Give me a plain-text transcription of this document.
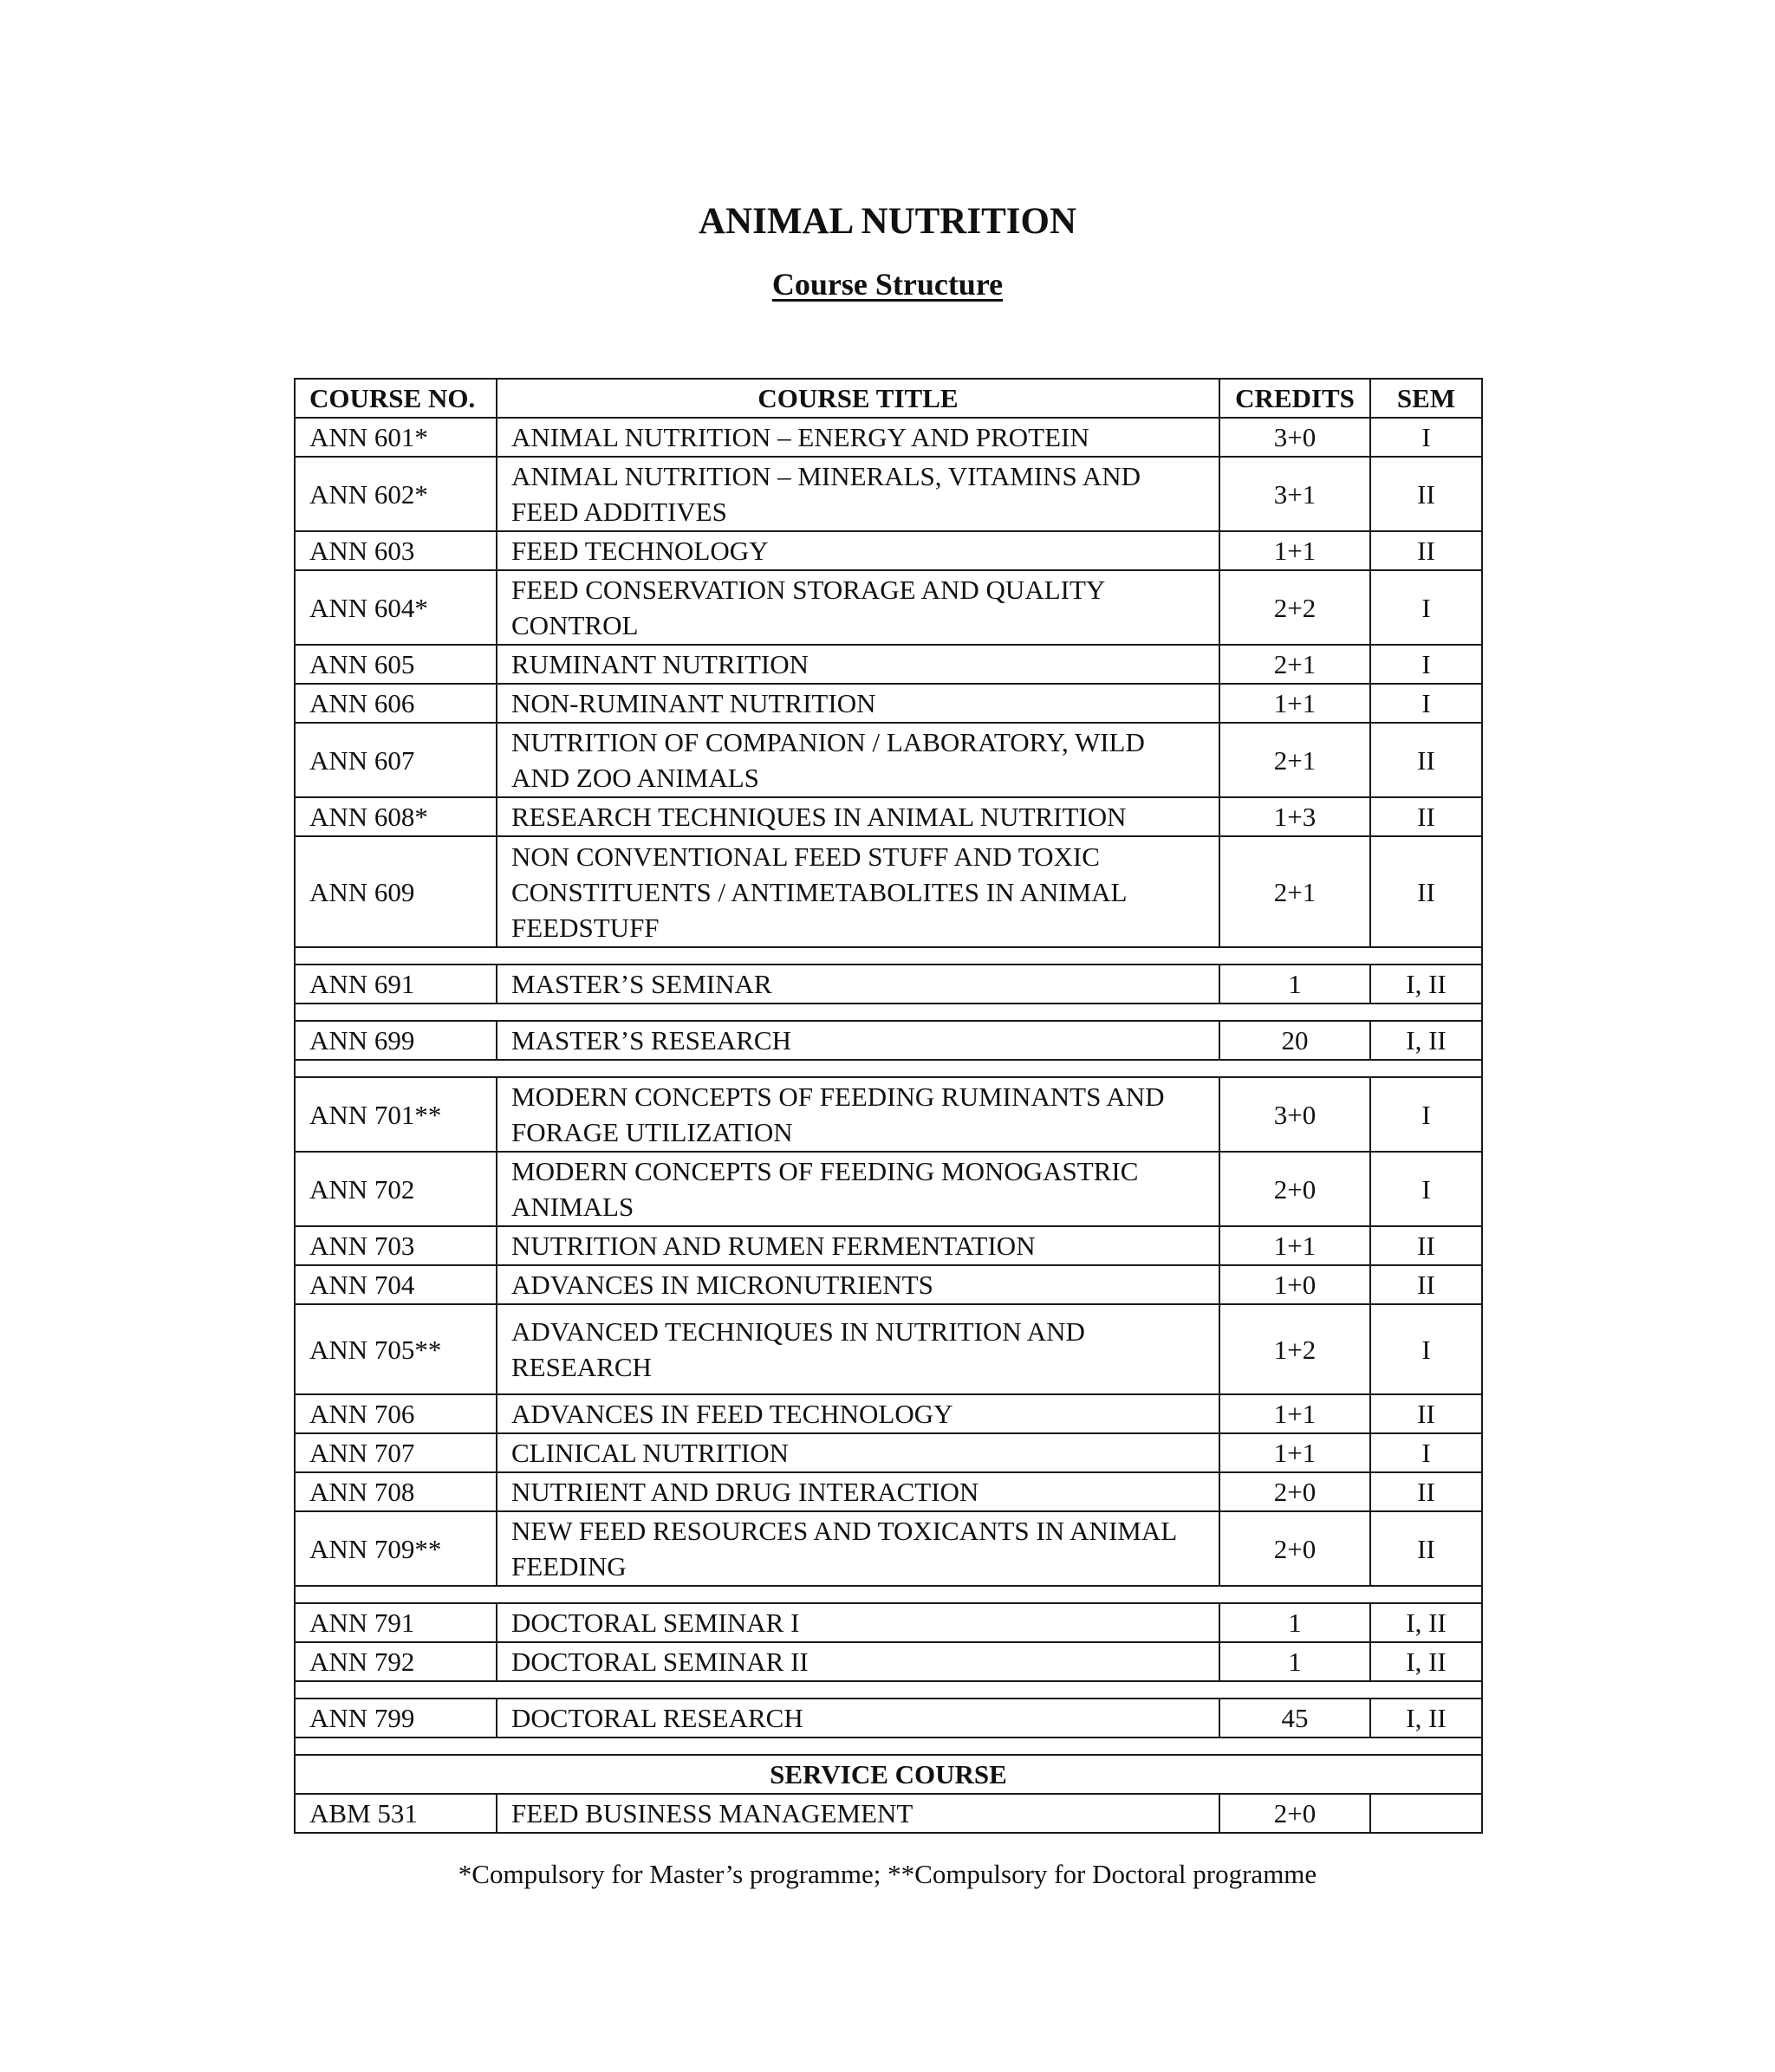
ANIMAL NUTRITION
Course Structure
COURSE NO.	COURSE TITLE	CREDITS	SEM
ANN 601*	ANIMAL NUTRITION – ENERGY AND PROTEIN	3+0	I
ANN 602*	ANIMAL NUTRITION – MINERALS, VITAMINS AND FEED ADDITIVES	3+1	II
ANN 603	FEED TECHNOLOGY	1+1	II
ANN 604*	FEED CONSERVATION STORAGE AND QUALITY CONTROL	2+2	I
ANN 605	RUMINANT NUTRITION	2+1	I
ANN 606	NON-RUMINANT NUTRITION	1+1	I
ANN 607	NUTRITION OF COMPANION / LABORATORY, WILD AND ZOO ANIMALS	2+1	II
ANN 608*	RESEARCH TECHNIQUES IN ANIMAL NUTRITION	1+3	II
ANN 609	NON CONVENTIONAL FEED STUFF AND TOXIC CONSTITUENTS / ANTIMETABOLITES IN ANIMAL FEEDSTUFF	2+1	II

ANN 691	MASTER’S SEMINAR	1	I, II

ANN 699	MASTER’S RESEARCH	20	I, II

ANN 701**	MODERN CONCEPTS OF FEEDING RUMINANTS AND FORAGE UTILIZATION	3+0	I
ANN 702	MODERN CONCEPTS OF FEEDING MONOGASTRIC ANIMALS	2+0	I
ANN 703	NUTRITION AND RUMEN FERMENTATION	1+1	II
ANN 704	ADVANCES IN MICRONUTRIENTS	1+0	II
ANN 705**	ADVANCED TECHNIQUES IN NUTRITION AND RESEARCH	1+2	I
ANN 706	ADVANCES IN FEED TECHNOLOGY	1+1	II
ANN 707	CLINICAL NUTRITION	1+1	I
ANN 708	NUTRIENT AND DRUG INTERACTION	2+0	II
ANN 709**	NEW FEED RESOURCES AND TOXICANTS IN ANIMAL FEEDING	2+0	II

ANN 791	DOCTORAL SEMINAR I	1	I, II
ANN 792	DOCTORAL SEMINAR II	1	I, II

ANN 799	DOCTORAL RESEARCH	45	I, II

SERVICE COURSE			
ABM 531	FEED BUSINESS MANAGEMENT	2+0	
*Compulsory for Master’s programme; **Compulsory for Doctoral programme
